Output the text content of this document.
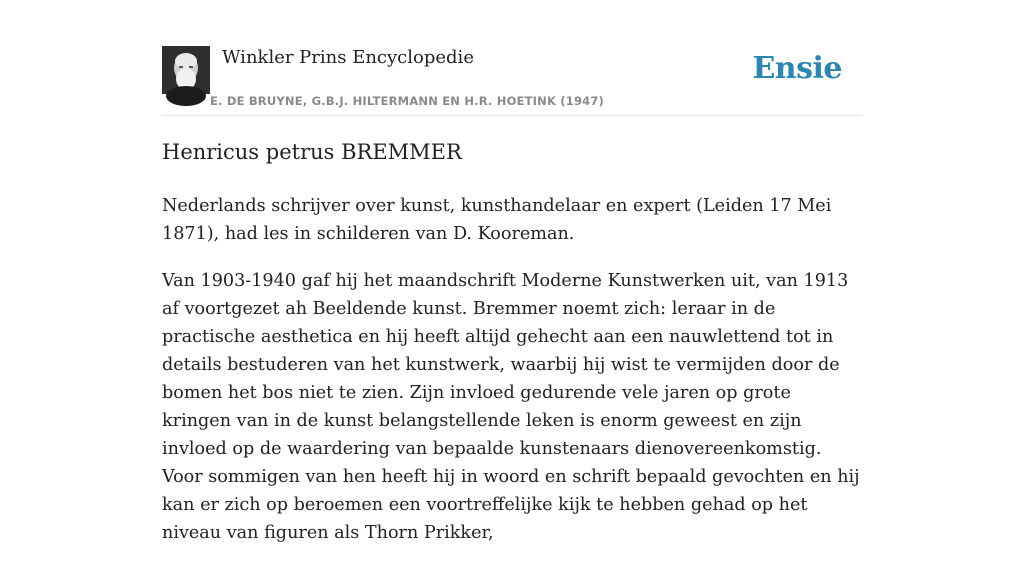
Winkler Prins Encyclopedie
E. DE BRUYNE, G.B.J. HILTERMANN EN H.R. HOETINK (1947)
Ensie
Henricus petrus BREMMER

Nederlands schrijver over kunst, kunsthandelaar en expert (Leiden 17 Mei 1871), had les in schilderen van D. Kooreman.

Van 1903-1940 gaf hij het maandschrift Moderne Kunstwerken uit, van 1913 af voortgezet ah Beeldende kunst. Bremmer noemt zich: leraar in de practische aesthetica en hij heeft altijd gehecht aan een nauwlettend tot in details bestuderen van het kunstwerk, waarbij hij wist te vermijden door de bomen het bos niet te zien. Zijn invloed gedurende vele jaren op grote kringen van in de kunst belangstellende leken is enorm geweest en zijn invloed op de waardering van bepaalde kunstenaars dienovereenkomstig. Voor sommigen van hen heeft hij in woord en schrift bepaald gevochten en hij kan er zich op beroemen een voortreffelijke kijk te hebben gehad op het niveau van figuren als Thorn Prikker,
